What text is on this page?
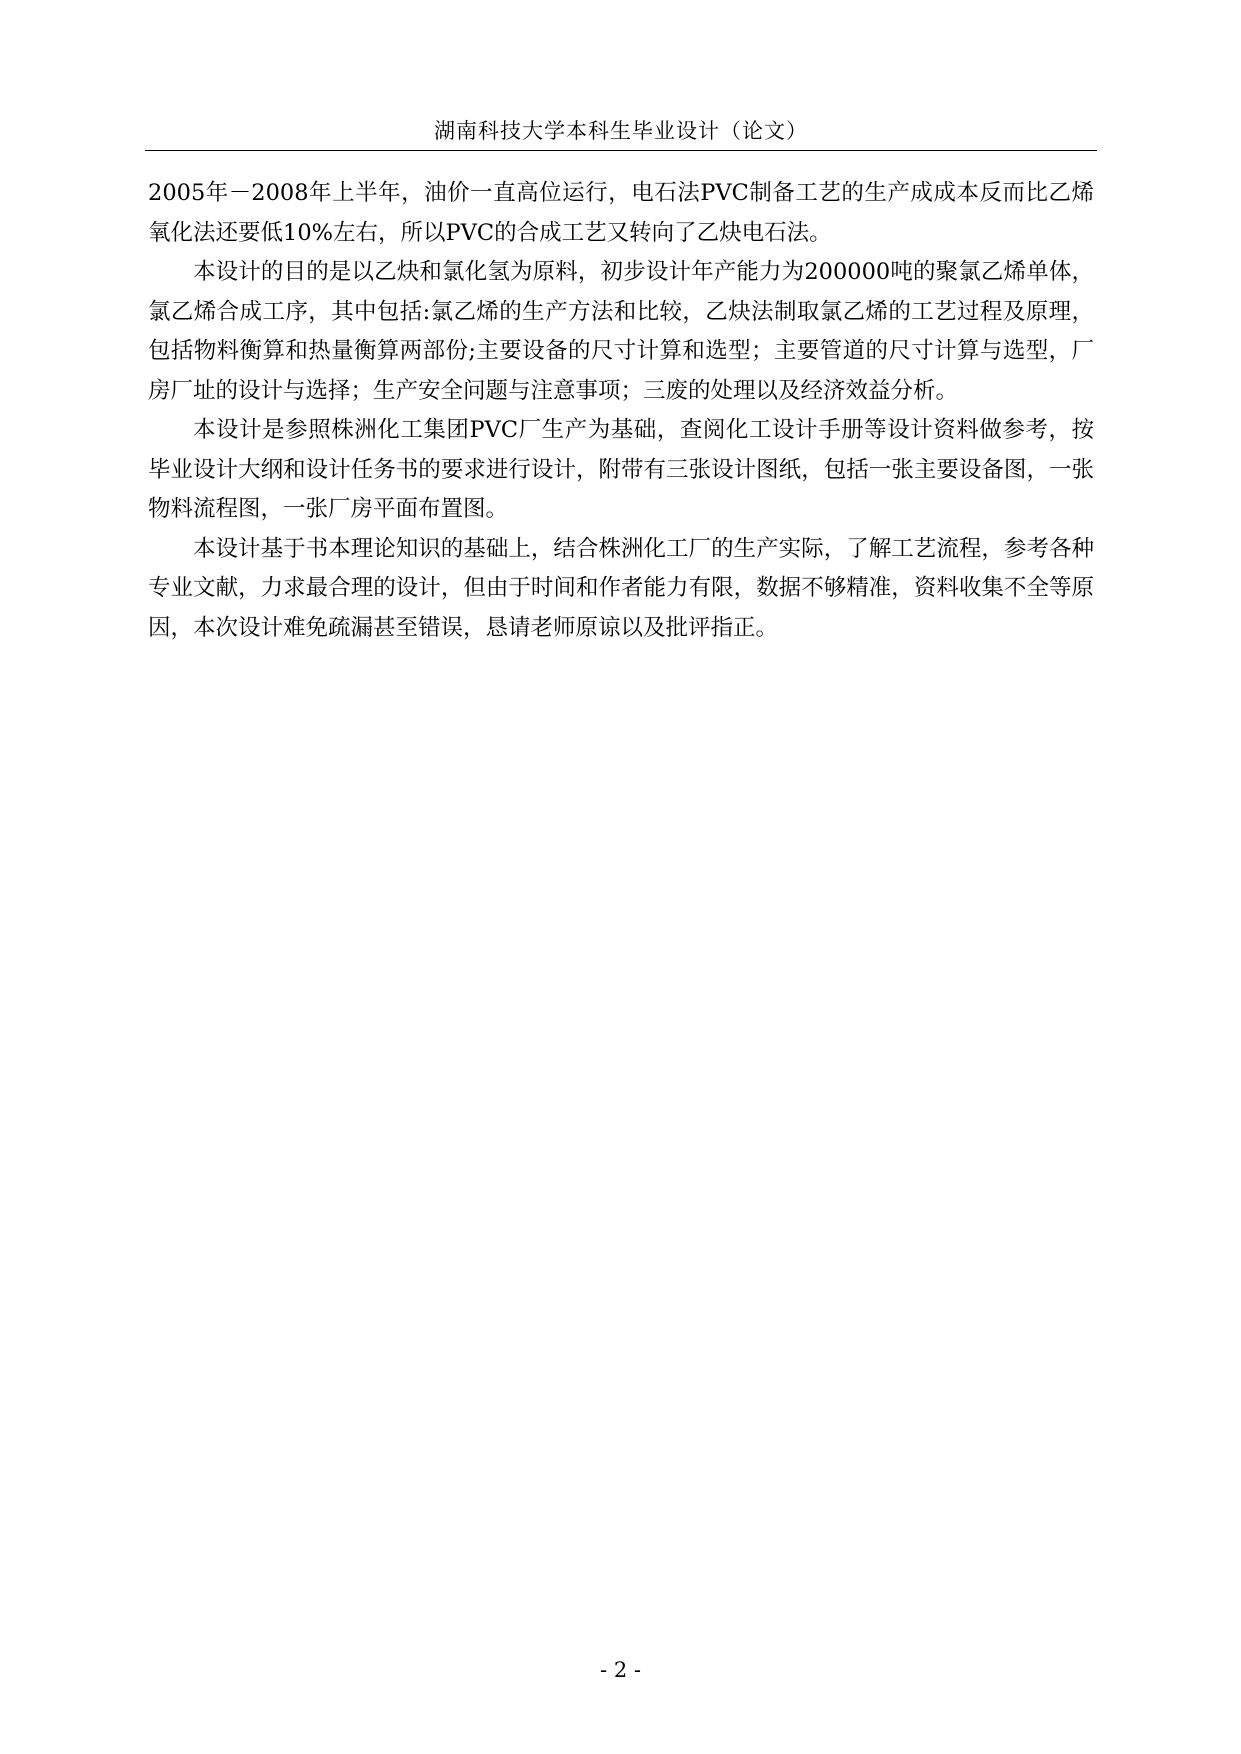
湖南科技大学本科生毕业设计（论文）

2005年－2008年上半年，油价一直高位运行，电石法PVC制备工艺的生产成成本反而比乙烯氧化法还要低10%左右，所以PVC的合成工艺又转向了乙炔电石法。

本设计的目的是以乙炔和氯化氢为原料，初步设计年产能力为200000吨的聚氯乙烯单体，氯乙烯合成工序，其中包括:氯乙烯的生产方法和比较，乙炔法制取氯乙烯的工艺过程及原理，包括物料衡算和热量衡算两部份;主要设备的尺寸计算和选型；主要管道的尺寸计算与选型，厂房厂址的设计与选择；生产安全问题与注意事项；三废的处理以及经济效益分析。

本设计是参照株洲化工集团PVC厂生产为基础，查阅化工设计手册等设计资料做参考，按毕业设计大纲和设计任务书的要求进行设计，附带有三张设计图纸，包括一张主要设备图，一张物料流程图，一张厂房平面布置图。

本设计基于书本理论知识的基础上，结合株洲化工厂的生产实际，了解工艺流程，参考各种专业文献，力求最合理的设计，但由于时间和作者能力有限，数据不够精准，资料收集不全等原因，本次设计难免疏漏甚至错误，恳请老师原谅以及批评指正。

- 2 -
